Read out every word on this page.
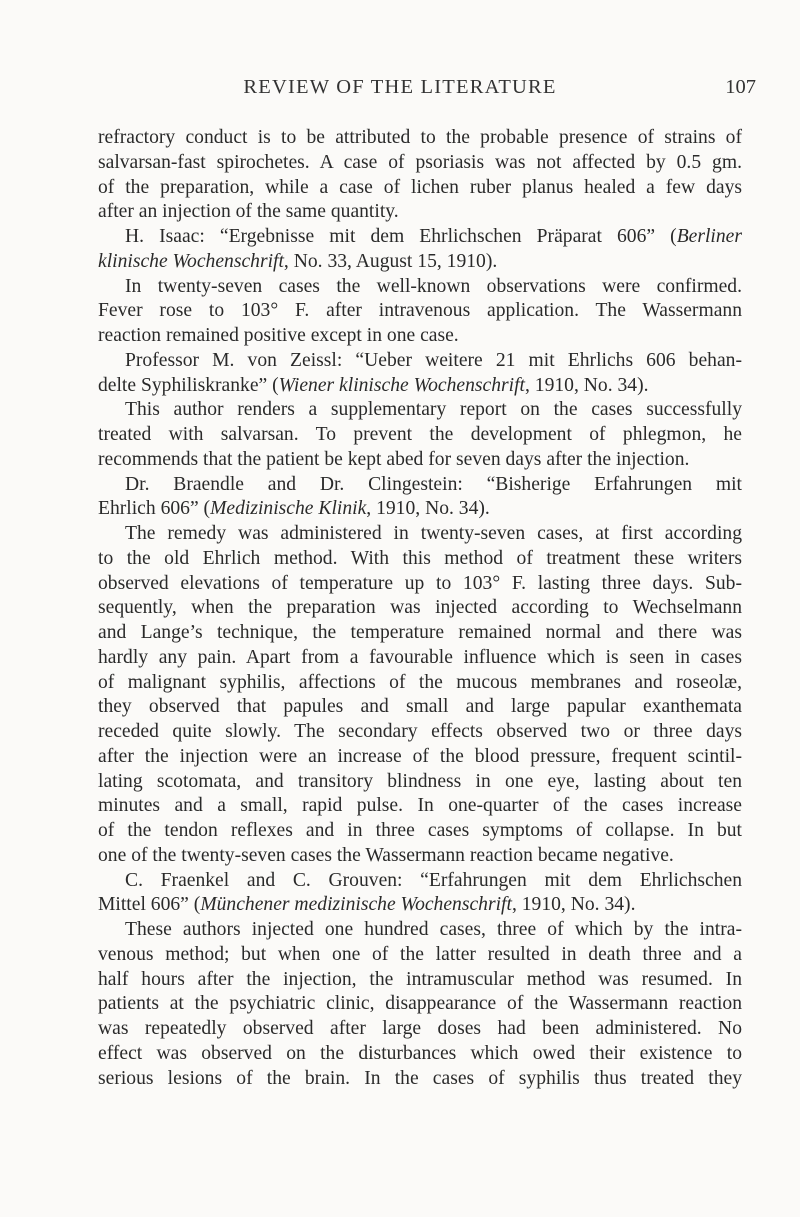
REVIEW OF THE LITERATURE	107
refractory conduct is to be attributed to the probable presence of strains of
salvarsan-fast spirochetes. A case of psoriasis was not affected by 0.5 gm.
of the preparation, while a case of lichen ruber planus healed a few days
after an injection of the same quantity.
H. Isaac: “Ergebnisse mit dem Ehrlichschen Präparat 606” (Berliner
klinische Wochenschrift, No. 33, August 15, 1910).
In twenty-seven cases the well-known observations were confirmed.
Fever rose to 103° F. after intravenous application. The Wassermann
reaction remained positive except in one case.
Professor M. von Zeissl: “Ueber weitere 21 mit Ehrlichs 606 behan-
delte Syphiliskranke” (Wiener klinische Wochenschrift, 1910, No. 34).
This author renders a supplementary report on the cases successfully
treated with salvarsan. To prevent the development of phlegmon, he
recommends that the patient be kept abed for seven days after the injection.
Dr. Braendle and Dr. Clingestein: “Bisherige Erfahrungen mit
Ehrlich 606” (Medizinische Klinik, 1910, No. 34).
The remedy was administered in twenty-seven cases, at first according
to the old Ehrlich method. With this method of treatment these writers
observed elevations of temperature up to 103° F. lasting three days. Sub-
sequently, when the preparation was injected according to Wechselmann
and Lange’s technique, the temperature remained normal and there was
hardly any pain. Apart from a favourable influence which is seen in cases
of malignant syphilis, affections of the mucous membranes and roseolæ,
they observed that papules and small and large papular exanthemata
receded quite slowly. The secondary effects observed two or three days
after the injection were an increase of the blood pressure, frequent scintil-
lating scotomata, and transitory blindness in one eye, lasting about ten
minutes and a small, rapid pulse. In one-quarter of the cases increase
of the tendon reflexes and in three cases symptoms of collapse. In but
one of the twenty-seven cases the Wassermann reaction became negative.
C. Fraenkel and C. Grouven: “Erfahrungen mit dem Ehrlichschen
Mittel 606” (Münchener medizinische Wochenschrift, 1910, No. 34).
These authors injected one hundred cases, three of which by the intra-
venous method; but when one of the latter resulted in death three and a
half hours after the injection, the intramuscular method was resumed. In
patients at the psychiatric clinic, disappearance of the Wassermann reaction
was repeatedly observed after large doses had been administered. No
effect was observed on the disturbances which owed their existence to
serious lesions of the brain. In the cases of syphilis thus treated they
